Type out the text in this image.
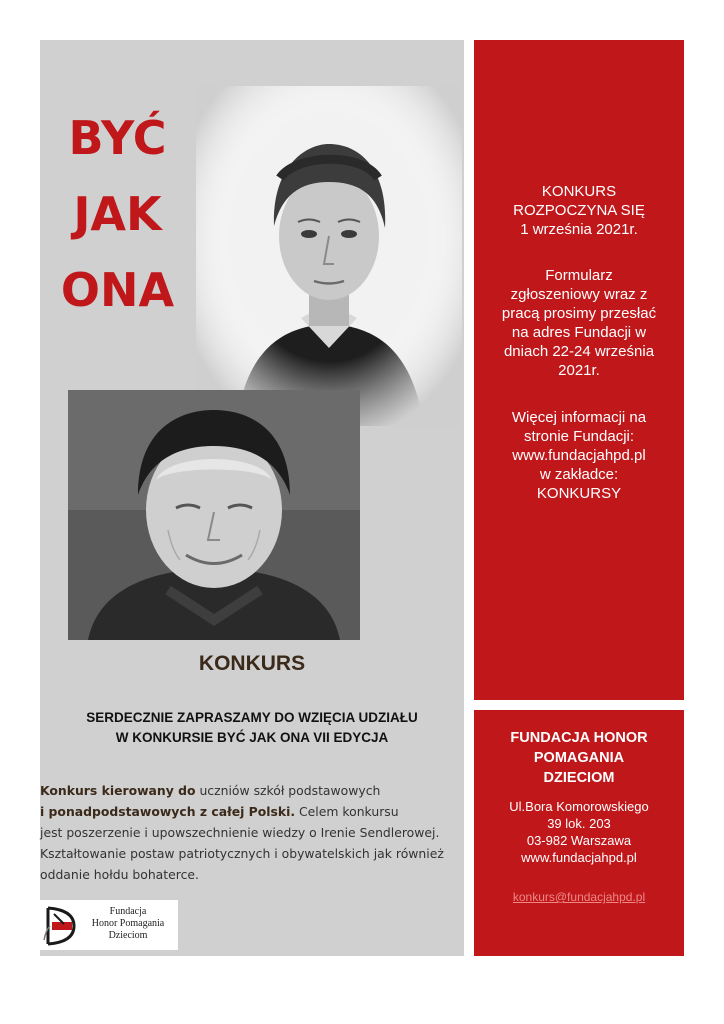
BYĆ
JAK
ONA
KONKURS
SERDECZNIE ZAPRASZAMY DO WZIĘCIA UDZIAŁU
W KONKURSIE BYĆ JAK ONA VII EDYCJA
Konkurs kierowany do uczniów szkół podstawowych
i ponadpodstawowych z całej Polski. Celem konkursu
jest poszerzenie i upowszechnienie wiedzy o Irenie Sendlerowej.
Kształtowanie postaw patriotycznych i obywatelskich jak również
oddanie hołdu bohaterce.
Fundacja
Honor Pomagania
Dzieciom
KONKURS
ROZPOCZYNA SIĘ
1 września 2021r.
Formularz
zgłoszeniowy wraz z
pracą prosimy przesłać
na adres Fundacji w
dniach 22-24 września
2021r.
Więcej informacji na
stronie Fundacji:
www.fundacjahpd.pl
w zakładce:
KONKURSY
FUNDACJA HONOR
POMAGANIA
DZIECIOM
Ul.Bora Komorowskiego
39 lok. 203
03-982 Warszawa
www.fundacjahpd.pl
konkurs@fundacjahpd.pl
